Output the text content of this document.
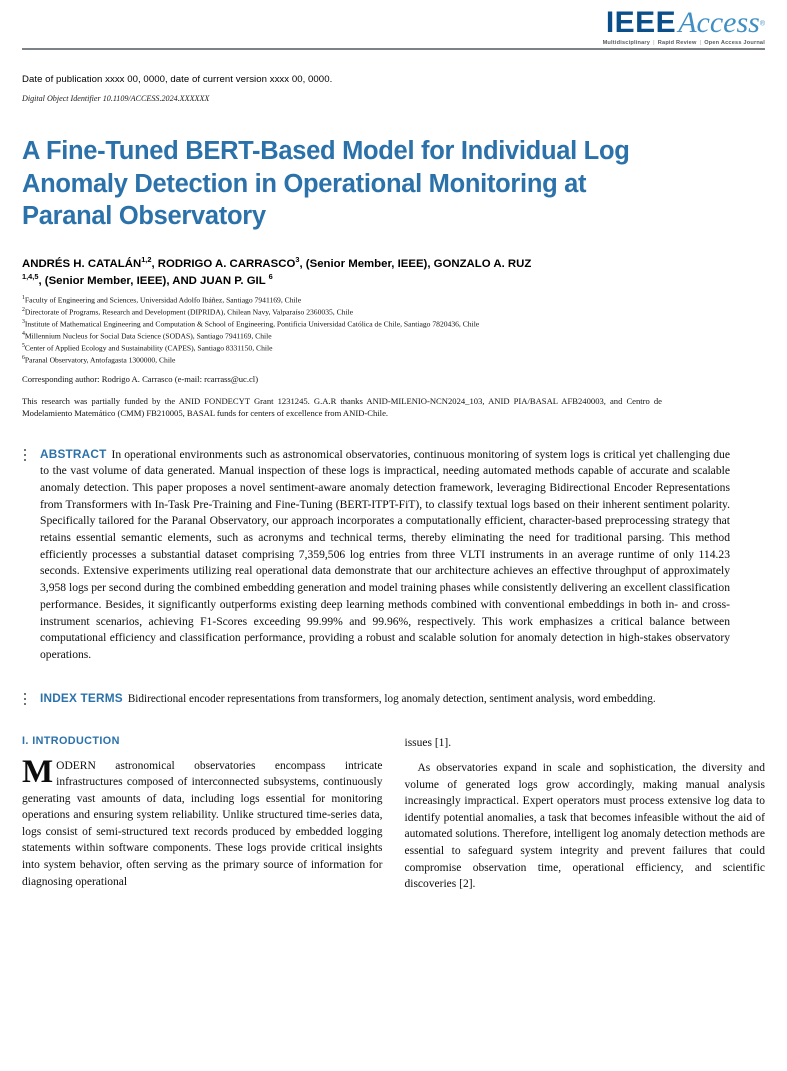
IEEEAccess®
Multidisciplinary | Rapid Review | Open Access Journal
Date of publication xxxx 00, 0000, date of current version xxxx 00, 0000.
Digital Object Identifier 10.1109/ACCESS.2024.XXXXXX
A Fine-Tuned BERT-Based Model for Individual Log Anomaly Detection in Operational Monitoring at Paranal Observatory
ANDRÉS H. CATALÁN$^{1,2}$, RODRIGO A. CARRASCO$^3$, (Senior Member, IEEE), GONZALO A. RUZ
$^{1,4,5}$, (Senior Member, IEEE), AND JUAN P. GIL $^6$
$^1$Faculty of Engineering and Sciences, Universidad Adolfo Ibáñez, Santiago 7941169, Chile
$^2$Directorate of Programs, Research and Development (DIPRIDA), Chilean Navy, Valparaíso 2360035, Chile
$^3$Institute of Mathematical Engineering and Computation & School of Engineering, Pontificia Universidad Católica de Chile, Santiago 7820436, Chile
$^4$Millennium Nucleus for Social Data Science (SODAS), Santiago 7941169, Chile
$^5$Center of Applied Ecology and Sustainability (CAPES), Santiago 8331150, Chile
$^6$Paranal Observatory, Antofagasta 1300000, Chile
Corresponding author: Rodrigo A. Carrasco (e-mail: rcarrass@uc.cl)
This research was partially funded by the ANID FONDECYT Grant 1231245. G.A.R thanks ANID-MILENIO-NCN2024_103, ANID PIA/BASAL AFB240003, and Centro de Modelamiento Matemático (CMM) FB210005, BASAL funds for centers of excellence from ANID-Chile.
ABSTRACT In operational environments such as astronomical observatories, continuous monitoring of system logs is critical yet challenging due to the vast volume of data generated. Manual inspection of these logs is impractical, needing automated methods capable of accurate and scalable anomaly detection. This paper proposes a novel sentiment-aware anomaly detection framework, leveraging Bidirectional Encoder Representations from Transformers with In-Task Pre-Training and Fine-Tuning (BERT-ITPT-FiT), to classify textual logs based on their inherent sentiment polarity. Specifically tailored for the Paranal Observatory, our approach incorporates a computationally efficient, character-based preprocessing strategy that retains essential semantic elements, such as acronyms and technical terms, thereby eliminating the need for traditional parsing. This method efficiently processes a substantial dataset comprising 7,359,506 log entries from three VLTI instruments in an average runtime of only 114.23 seconds. Extensive experiments utilizing real operational data demonstrate that our architecture achieves an effective throughput of approximately 3,958 logs per second during the combined embedding generation and model training phases while consistently delivering an excellent classification performance. Besides, it significantly outperforms existing deep learning methods combined with conventional embeddings in both in- and cross-instrument scenarios, achieving F1-Scores exceeding 99.99% and 99.96%, respectively. This work emphasizes a critical balance between computational efficiency and classification performance, providing a robust and scalable solution for anomaly detection in high-stakes observatory operations.
INDEX TERMS Bidirectional encoder representations from transformers, log anomaly detection, sentiment analysis, word embedding.
I. INTRODUCTION

MODERN astronomical observatories encompass intricate infrastructures composed of interconnected subsystems, continuously generating vast amounts of data, including logs essential for monitoring operations and ensuring system reliability. Unlike structured time-series data, logs consist of semi-structured text records produced by embedded logging statements within software components. These logs provide critical insights into system behavior, often serving as the primary source of information for diagnosing operational

issues [1].

As observatories expand in scale and sophistication, the diversity and volume of generated logs grow accordingly, making manual analysis increasingly impractical. Expert operators must process extensive log data to identify potential anomalies, a task that becomes infeasible without the aid of automated solutions. Therefore, intelligent log anomaly detection methods are essential to safeguard system integrity and prevent failures that could compromise observation time, operational efficiency, and scientific discoveries [2].
